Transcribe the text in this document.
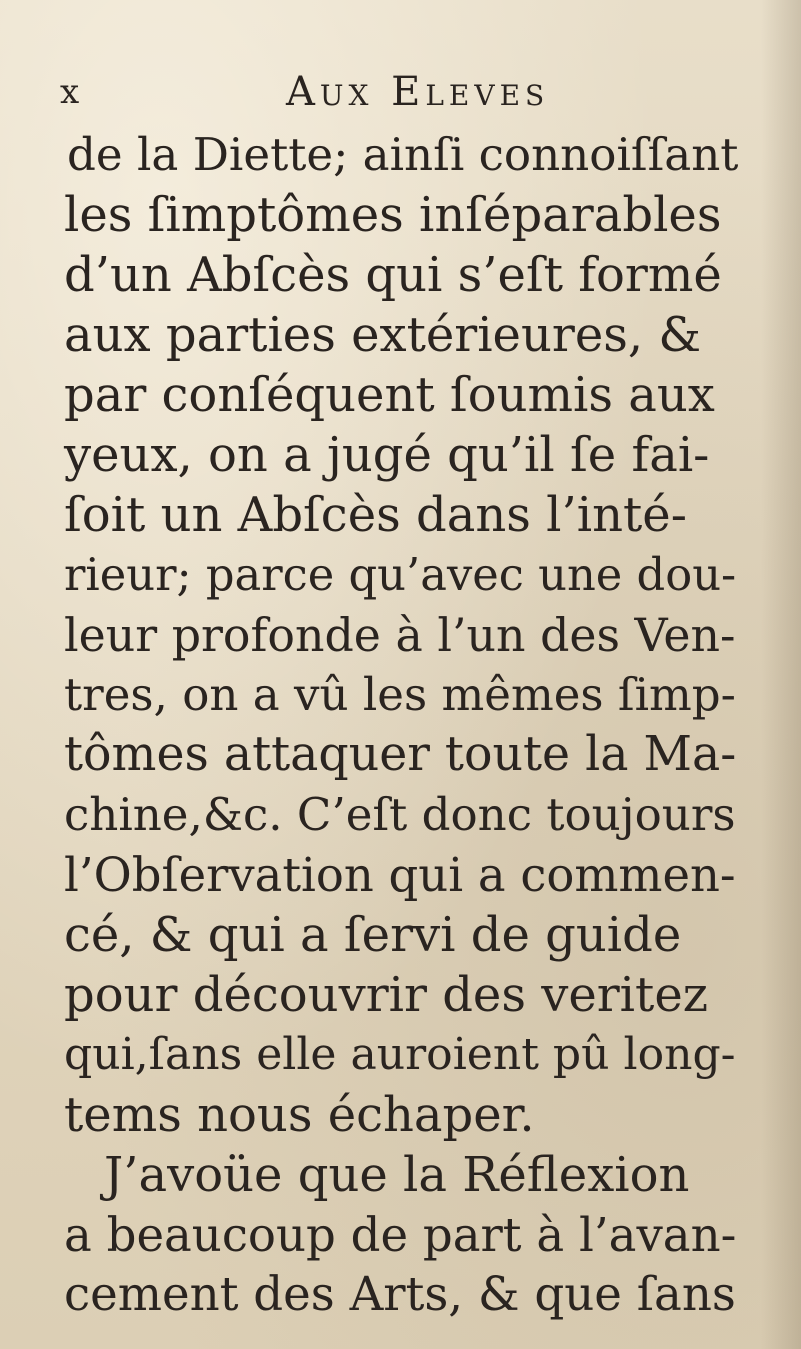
x	Aux Eleves
de la Diette; ainſi connoiſſant
les ſimptômes inſéparables
d’un Abſcès qui s’eſt formé
aux parties extérieures, &
par conſéquent ſoumis aux
yeux, on a jugé qu’il ſe fai-
ſoit un Abſcès dans l’inté-
rieur; parce qu’avec une dou-
leur profonde à l’un des Ven-
tres, on a vû les mêmes ſimp-
tômes attaquer toute la Ma-
chine,&c. C’eſt donc toujours
l’Obſervation qui a commen-
cé, & qui a ſervi de guide
pour découvrir des veritez
qui,ſans elle auroient pû long-
tems nous échaper.
J’avoüe que la Réflexion
a beaucoup de part à l’avan-
cement des Arts, & que ſans
